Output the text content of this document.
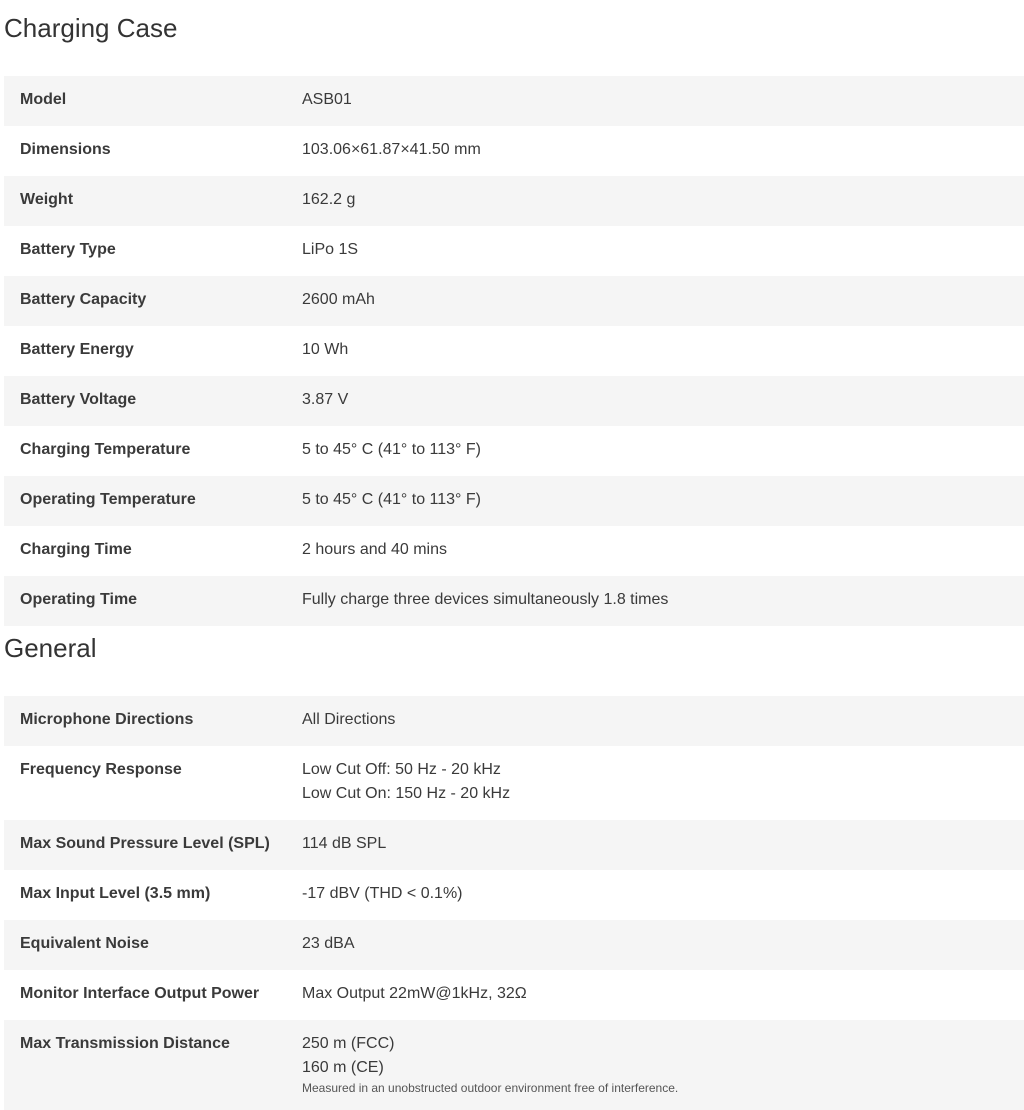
Charging Case
Model	ASB01
Dimensions	103.06×61.87×41.50 mm
Weight	162.2 g
Battery Type	LiPo 1S
Battery Capacity	2600 mAh
Battery Energy	10 Wh
Battery Voltage	3.87 V
Charging Temperature	5 to 45° C (41° to 113° F)
Operating Temperature	5 to 45° C (41° to 113° F)
Charging Time	2 hours and 40 mins
Operating Time	Fully charge three devices simultaneously 1.8 times
General
Microphone Directions	All Directions
Frequency Response	Low Cut Off: 50 Hz - 20 kHz
Low Cut On: 150 Hz - 20 kHz
Max Sound Pressure Level (SPL)	114 dB SPL
Max Input Level (3.5 mm)	-17 dBV (THD < 0.1%)
Equivalent Noise	23 dBA
Monitor Interface Output Power	Max Output 22mW@1kHz, 32Ω
Max Transmission Distance	250 m (FCC)
160 m (CE)
Measured in an unobstructed outdoor environment free of interference.
